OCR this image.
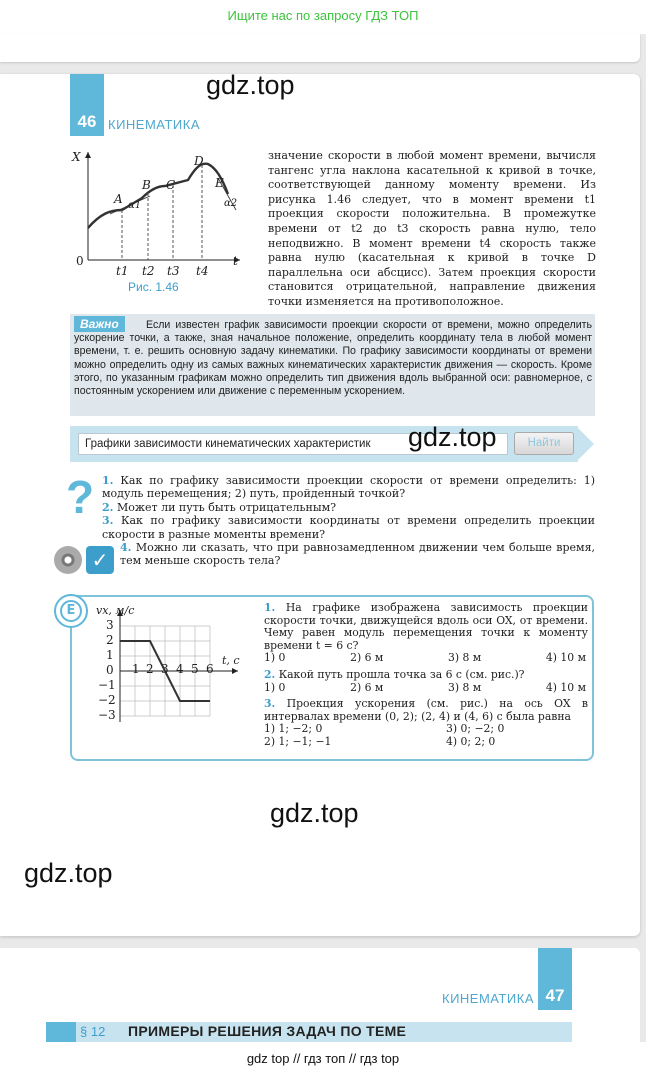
Ищите нас по запросу ГДЗ ТОП
46 КИНЕМАТИКА
gdz.top
X
t
0
A
B C
D
E
α1	α2
t1 t2 t3 t4
Рис. 1.46

значение скорости в любой момент времени, вычисля тангенс угла наклона касательной к кривой в точке, соответствующей данному моменту времени. Из рисунка 1.46 следует, что в момент времени t1 проекция скорости положительна. В промежутке времени от t2 до t3 скорость равна нулю, тело неподвижно. В момент времени t4 скорость также равна нулю (касательная к кривой в точке D параллельна оси абсцисс). Затем проекция скорости становится отрицательной, направление движения точки изменяется на противоположное.

Если известен график зависимости проекции скорости от времени, можно определить ускорение точки, а также, зная начальное положение, определить координату тела в любой момент времени, т. е. решить основную задачу кинематики. По графику зависимости координаты от времени можно определить одну из самых важных кинематических характеристик движения — скорость. Кроме этого, по указанным графикам можно определить тип движения вдоль выбранной оси: равномерное, с постоянным ускорением или движение с переменным ускорением.
Важно
Графики зависимости кинематических характеристик	Найти
gdz.top
? 1. Как по графику зависимости проекции скорости от времени определить: 1) модуль перемещения; 2) путь, пройденный точкой?
2. Может ли путь быть отрицательным?
3. Как по графику зависимости координаты от времени определить проекции скорости в разные моменты времени?
4. Можно ли сказать, что при равнозамедленном движении чем больше время, тем меньше скорость тела?
✓
Е	vx, м/с
t, с
3
2
1
0
−1
−2
−3
1 2 3 4 5 6
1. На графике изображена зависимость проекции скорости точки, движущейся вдоль оси OX, от времени. Чему равен модуль перемещения точки к моменту времени t = 6 с?
1) 0	2) 6 м	3) 8 м	4) 10 м
2. Какой путь прошла точка за 6 с (см. рис.)?
1) 0	2) 6 м	3) 8 м	4) 10 м
3. Проекция ускорения (см. рис.) на ось OX в интервалах времени (0, 2); (2, 4) и (4, 6) с была равна
1) 1; −2; 0	3) 0; −2; 0
2) 1; −1; −1	4) 0; 2; 0
gdz.top
gdz.top
КИНЕМАТИКА 47
§ 12 ПРИМЕРЫ РЕШЕНИЯ ЗАДАЧ ПО ТЕМЕ
gdz top // гдз топ // гдз top
